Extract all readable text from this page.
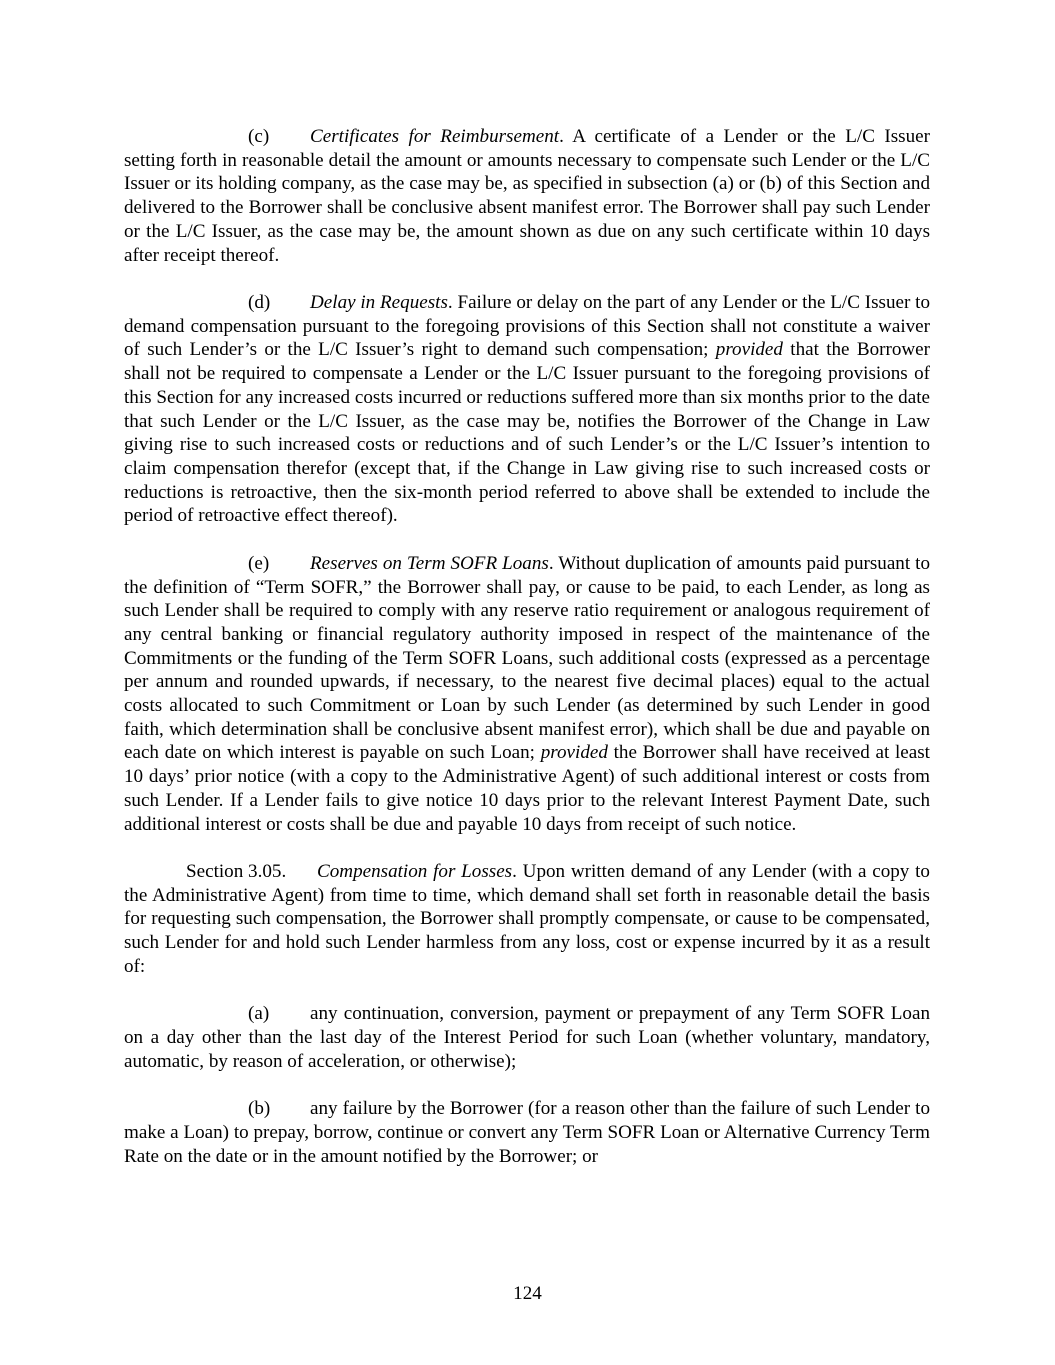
(c) Certificates for Reimbursement. A certificate of a Lender or the L/C Issuer setting forth in reasonable detail the amount or amounts necessary to compensate such Lender or the L/C Issuer or its holding company, as the case may be, as specified in subsection (a) or (b) of this Section and delivered to the Borrower shall be conclusive absent manifest error. The Borrower shall pay such Lender or the L/C Issuer, as the case may be, the amount shown as due on any such certificate within 10 days after receipt thereof.

(d) Delay in Requests. Failure or delay on the part of any Lender or the L/C Issuer to demand compensation pursuant to the foregoing provisions of this Section shall not constitute a waiver of such Lender’s or the L/C Issuer’s right to demand such compensation; provided that the Borrower shall not be required to compensate a Lender or the L/C Issuer pursuant to the foregoing provisions of this Section for any increased costs incurred or reductions suffered more than six months prior to the date that such Lender or the L/C Issuer, as the case may be, notifies the Borrower of the Change in Law giving rise to such increased costs or reductions and of such Lender’s or the L/C Issuer’s intention to claim compensation therefor (except that, if the Change in Law giving rise to such increased costs or reductions is retroactive, then the six-month period referred to above shall be extended to include the period of retroactive effect thereof).

(e) Reserves on Term SOFR Loans. Without duplication of amounts paid pursuant to the definition of “Term SOFR,” the Borrower shall pay, or cause to be paid, to each Lender, as long as such Lender shall be required to comply with any reserve ratio requirement or analogous requirement of any central banking or financial regulatory authority imposed in respect of the maintenance of the Commitments or the funding of the Term SOFR Loans, such additional costs (expressed as a percentage per annum and rounded upwards, if necessary, to the nearest five decimal places) equal to the actual costs allocated to such Commitment or Loan by such Lender (as determined by such Lender in good faith, which determination shall be conclusive absent manifest error), which shall be due and payable on each date on which interest is payable on such Loan; provided the Borrower shall have received at least 10 days’ prior notice (with a copy to the Administrative Agent) of such additional interest or costs from such Lender. If a Lender fails to give notice 10 days prior to the relevant Interest Payment Date, such additional interest or costs shall be due and payable 10 days from receipt of such notice.

Section 3.05. Compensation for Losses. Upon written demand of any Lender (with a copy to the Administrative Agent) from time to time, which demand shall set forth in reasonable detail the basis for requesting such compensation, the Borrower shall promptly compensate, or cause to be compensated, such Lender for and hold such Lender harmless from any loss, cost or expense incurred by it as a result of:

(a) any continuation, conversion, payment or prepayment of any Term SOFR Loan on a day other than the last day of the Interest Period for such Loan (whether voluntary, mandatory, automatic, by reason of acceleration, or otherwise);

(b) any failure by the Borrower (for a reason other than the failure of such Lender to make a Loan) to prepay, borrow, continue or convert any Term SOFR Loan or Alternative Currency Term Rate on the date or in the amount notified by the Borrower; or

124
